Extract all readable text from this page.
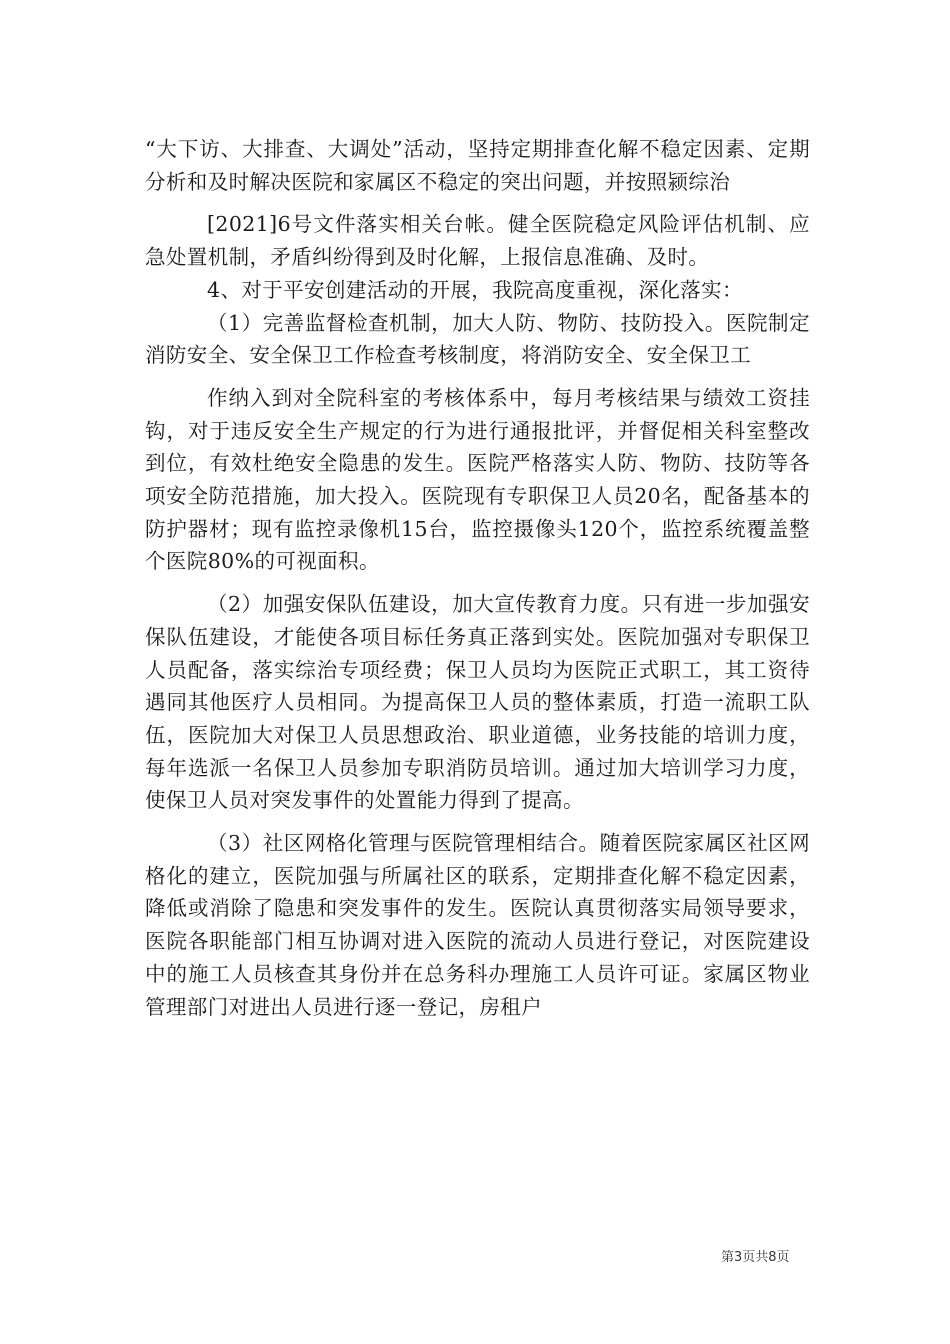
“大下访、大排查、大调处”活动，坚持定期排查化解不稳定因素、定期分析和及时解决医院和家属区不稳定的突出问题，并按照颍综治

[2021]6号文件落实相关台帐。健全医院稳定风险评估机制、应急处置机制，矛盾纠纷得到及时化解，上报信息准确、及时。

4、对于平安创建活动的开展，我院高度重视，深化落实：

（1）完善监督检查机制，加大人防、物防、技防投入。医院制定消防安全、安全保卫工作检查考核制度，将消防安全、安全保卫工

作纳入到对全院科室的考核体系中，每月考核结果与绩效工资挂钩，对于违反安全生产规定的行为进行通报批评，并督促相关科室整改到位，有效杜绝安全隐患的发生。医院严格落实人防、物防、技防等各项安全防范措施，加大投入。医院现有专职保卫人员20名，配备基本的防护器材；现有监控录像机15台，监控摄像头120个，监控系统覆盖整个医院80%的可视面积。

（2）加强安保队伍建设，加大宣传教育力度。只有进一步加强安保队伍建设，才能使各项目标任务真正落到实处。医院加强对专职保卫人员配备，落实综治专项经费；保卫人员均为医院正式职工，其工资待遇同其他医疗人员相同。为提高保卫人员的整体素质，打造一流职工队伍，医院加大对保卫人员思想政治、职业道德，业务技能的培训力度，每年选派一名保卫人员参加专职消防员培训。通过加大培训学习力度，使保卫人员对突发事件的处置能力得到了提高。

（3）社区网格化管理与医院管理相结合。随着医院家属区社区网格化的建立，医院加强与所属社区的联系，定期排查化解不稳定因素，降低或消除了隐患和突发事件的发生。医院认真贯彻落实局领导要求，医院各职能部门相互协调对进入医院的流动人员进行登记，对医院建设中的施工人员核查其身份并在总务科办理施工人员许可证。家属区物业管理部门对进出人员进行逐一登记，房租户

第3页共8页
